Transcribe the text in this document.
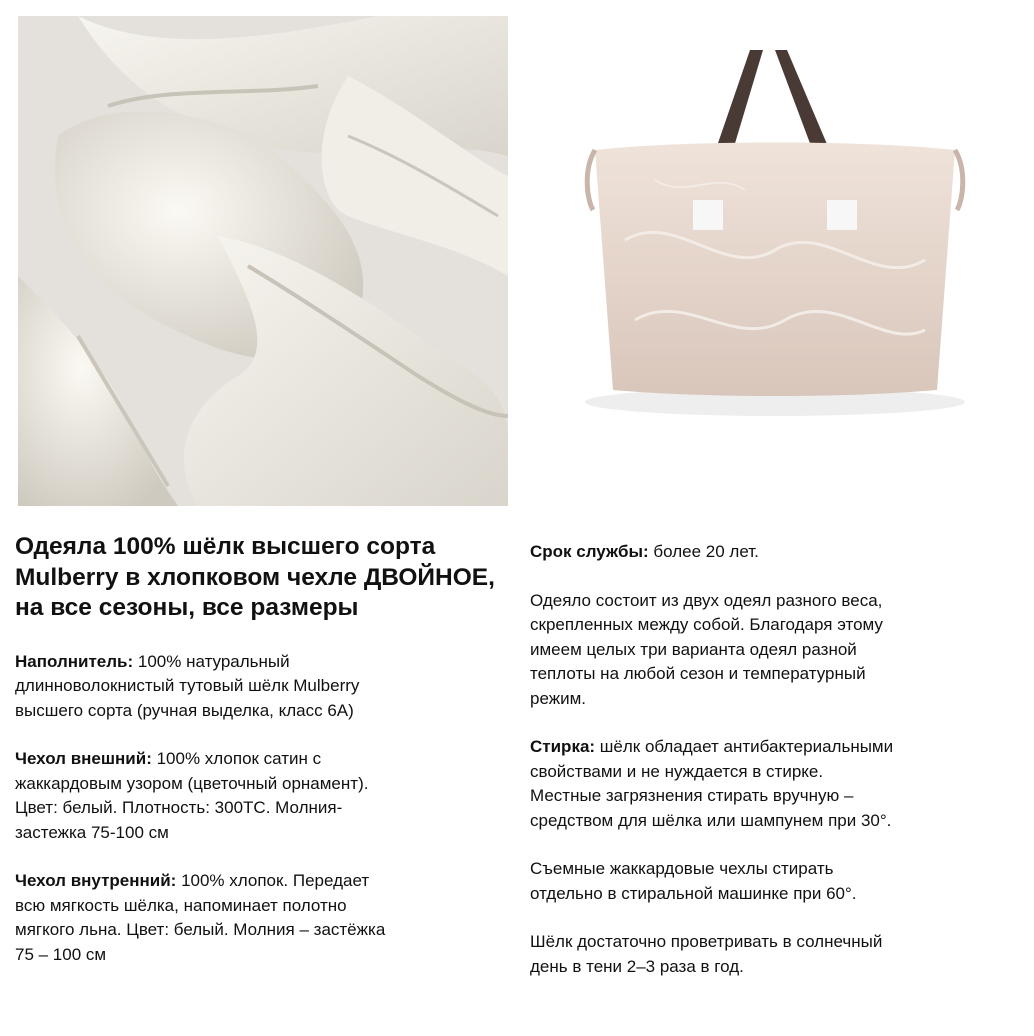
Одеяла 100% шёлк высшего сорта Mulberry в хлопковом чехле ДВОЙНОЕ, на все сезоны, все размеры

Наполнитель: 100% натуральный
длинноволокнистый тутовый шёлк Mulberry
высшего сорта (ручная выделка, класс 6А)

Чехол внешний: 100% хлопок сатин с
жаккардовым узором (цветочный орнамент).
Цвет: белый. Плотность: 300ТС. Молния-
застежка 75-100 см

Чехол внутренний: 100% хлопок. Передает
всю мягкость шёлка, напоминает полотно
мягкого льна. Цвет: белый. Молния – застёжка
75 – 100 см

Срок службы: более 20 лет.

Одеяло состоит из двух одеял разного веса,
скрепленных между собой. Благодаря этому
имеем целых три варианта одеял разной
теплоты на любой сезон и температурный
режим.

Стирка: шёлк обладает антибактериальными
свойствами и не нуждается в стирке.
Местные загрязнения стирать вручную –
средством для шёлка или шампунем при 30°.

Съемные жаккардовые чехлы стирать
отдельно в стиральной машинке при 60°.

Шёлк достаточно проветривать в солнечный
день в тени 2–3 раза в год.
